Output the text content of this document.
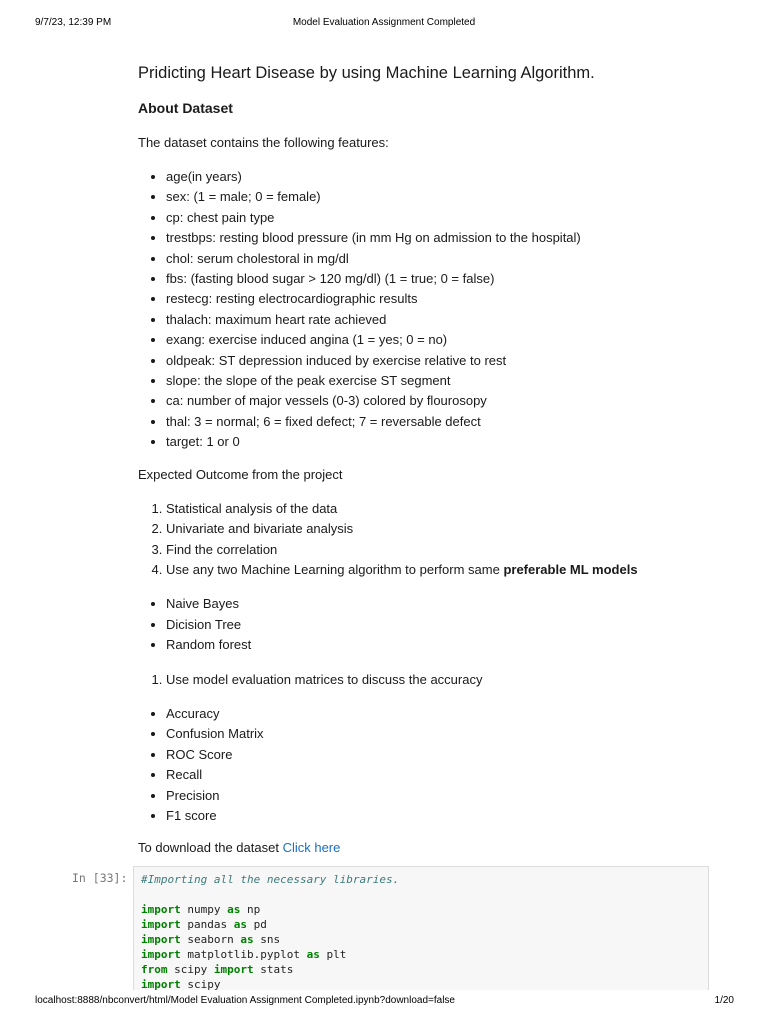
9/7/23, 12:39 PM	Model Evaluation Assignment Completed
Pridicting Heart Disease by using Machine Learning Algorithm.
About Dataset

The dataset contains the following features:

• age(in years)
• sex: (1 = male; 0 = female)
• cp: chest pain type
• trestbps: resting blood pressure (in mm Hg on admission to the hospital)
• chol: serum cholestoral in mg/dl
• fbs: (fasting blood sugar > 120 mg/dl) (1 = true; 0 = false)
• restecg: resting electrocardiographic results
• thalach: maximum heart rate achieved
• exang: exercise induced angina (1 = yes; 0 = no)
• oldpeak: ST depression induced by exercise relative to rest
• slope: the slope of the peak exercise ST segment
• ca: number of major vessels (0-3) colored by flourosopy
• thal: 3 = normal; 6 = fixed defect; 7 = reversable defect
• target: 1 or 0

Expected Outcome from the project

1. Statistical analysis of the data
2. Univariate and bivariate analysis
3. Find the correlation
4. Use any two Machine Learning algorithm to perform same preferable ML models
• Naive Bayes
• Dicision Tree
• Random forest
1. Use model evaluation matrices to discuss the accuracy
• Accuracy
• Confusion Matrix
• ROC Score
• Recall
• Precision
• F1 score

To download the dataset Click here

In [33]: #Importing all the necessary libraries.
import numpy as np
import pandas as pd
import seaborn as sns
import matplotlib.pyplot as plt
from scipy import stats
import scipy
localhost:8888/nbconvert/html/Model Evaluation Assignment Completed.ipynb?download=false	1/20
